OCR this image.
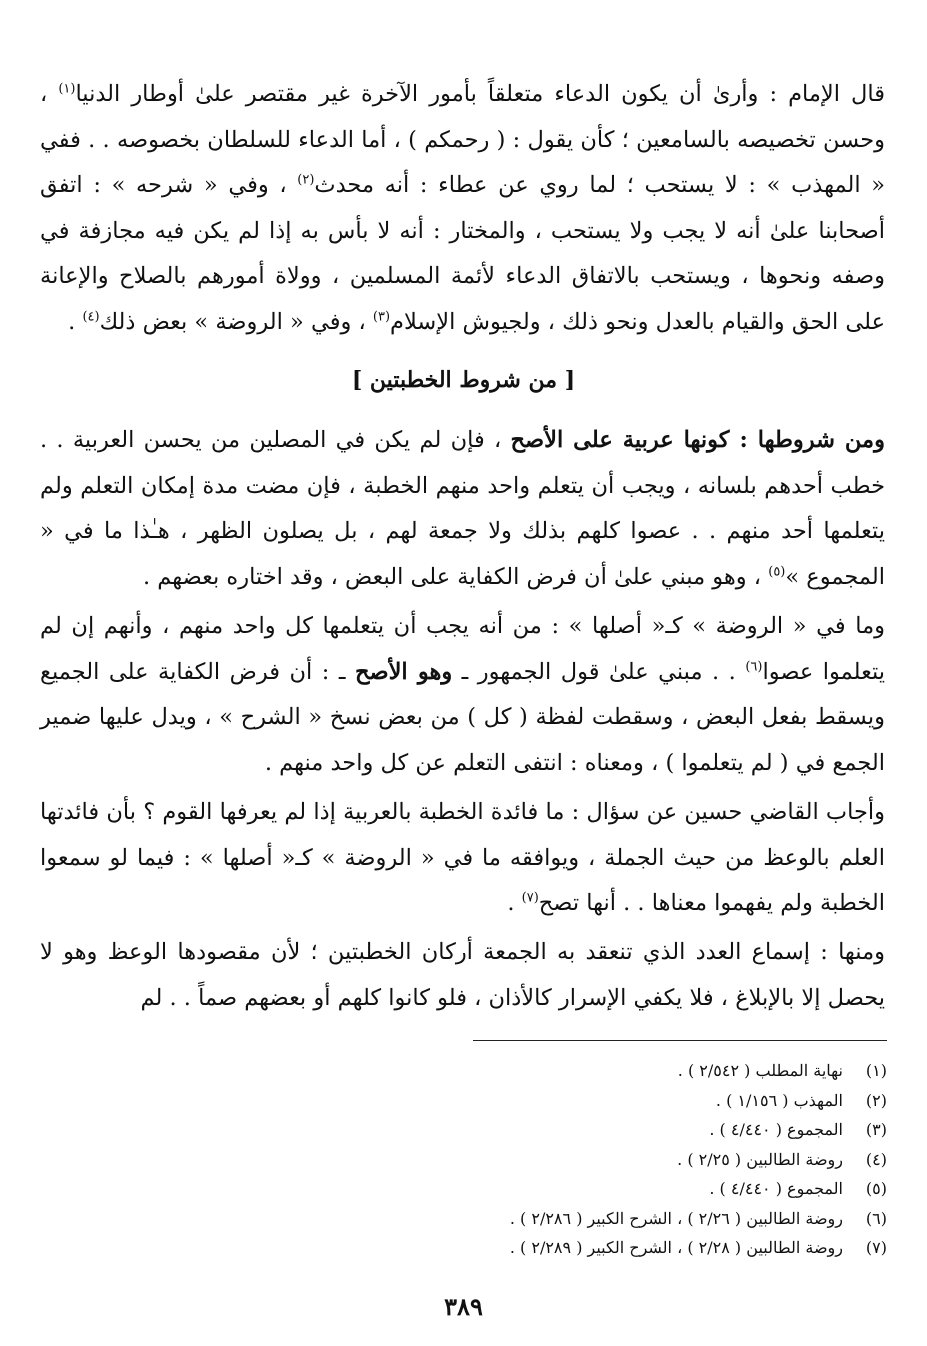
قال الإمام : وأرىٰ أن يكون الدعاء متعلقاً بأمور الآخرة غير مقتصر علىٰ أوطار الدنيا$^{(١)}$ ، وحسن تخصيصه بالسامعين ؛ كأن يقول : ( رحمكم ) ، أما الدعاء للسلطان بخصوصه . . ففي « المهذب » : لا يستحب ؛ لما روي عن عطاء : أنه محدث$^{(٢)}$ ، وفي « شرحه » : اتفق أصحابنا علىٰ أنه لا يجب ولا يستحب ، والمختار : أنه لا بأس به إذا لم يكن فيه مجازفة في وصفه ونحوها ، ويستحب بالاتفاق الدعاء لأئمة المسلمين ، وولاة أمورهم بالصلاح والإعانة على الحق والقيام بالعدل ونحو ذلك ، ولجيوش الإسلام$^{(٣)}$ ، وفي « الروضة » بعض ذلك$^{(٤)}$ .

[ من شروط الخطبتين ]

ومن شروطها : كونها عربية على الأصح ، فإن لم يكن في المصلين من يحسن العربية . . خطب أحدهم بلسانه ، ويجب أن يتعلم واحد منهم الخطبة ، فإن مضت مدة إمكان التعلم ولم يتعلمها أحد منهم . . عصوا كلهم بذلك ولا جمعة لهم ، بل يصلون الظهر ، هـٰذا ما في « المجموع »$^{(٥)}$ ، وهو مبني علىٰ أن فرض الكفاية على البعض ، وقد اختاره بعضهم .

وما في « الروضة » كـ« أصلها » : من أنه يجب أن يتعلمها كل واحد منهم ، وأنهم إن لم يتعلموا عصوا$^{(٦)}$ . . مبني علىٰ قول الجمهور ـ وهو الأصح ـ : أن فرض الكفاية على الجميع ويسقط بفعل البعض ، وسقطت لفظة ( كل ) من بعض نسخ « الشرح » ، ويدل عليها ضمير الجمع في ( لم يتعلموا ) ، ومعناه : انتفى التعلم عن كل واحد منهم .

وأجاب القاضي حسين عن سؤال : ما فائدة الخطبة بالعربية إذا لم يعرفها القوم ؟ بأن فائدتها العلم بالوعظ من حيث الجملة ، ويوافقه ما في « الروضة » كـ« أصلها » : فيما لو سمعوا الخطبة ولم يفهموا معناها . . أنها تصح$^{(٧)}$ .

ومنها : إسماع العدد الذي تنعقد به الجمعة أركان الخطبتين ؛ لأن مقصودها الوعظ وهو لا يحصل إلا بالإبلاغ ، فلا يكفي الإسرار كالأذان ، فلو كانوا كلهم أو بعضهم صماً . . لم

(١)نهاية المطلب ( ٢/٥٤٢ ) .
(٢)المهذب ( ١/١٥٦ ) .
(٣)المجموع ( ٤/٤٤٠ ) .
(٤)روضة الطالبين ( ٢/٢٥ ) .
(٥)المجموع ( ٤/٤٤٠ ) .
(٦)روضة الطالبين ( ٢/٢٦ ) ، الشرح الكبير ( ٢/٢٨٦ ) .
(٧)روضة الطالبين ( ٢/٢٨ ) ، الشرح الكبير ( ٢/٢٨٩ ) .
٣٨٩
